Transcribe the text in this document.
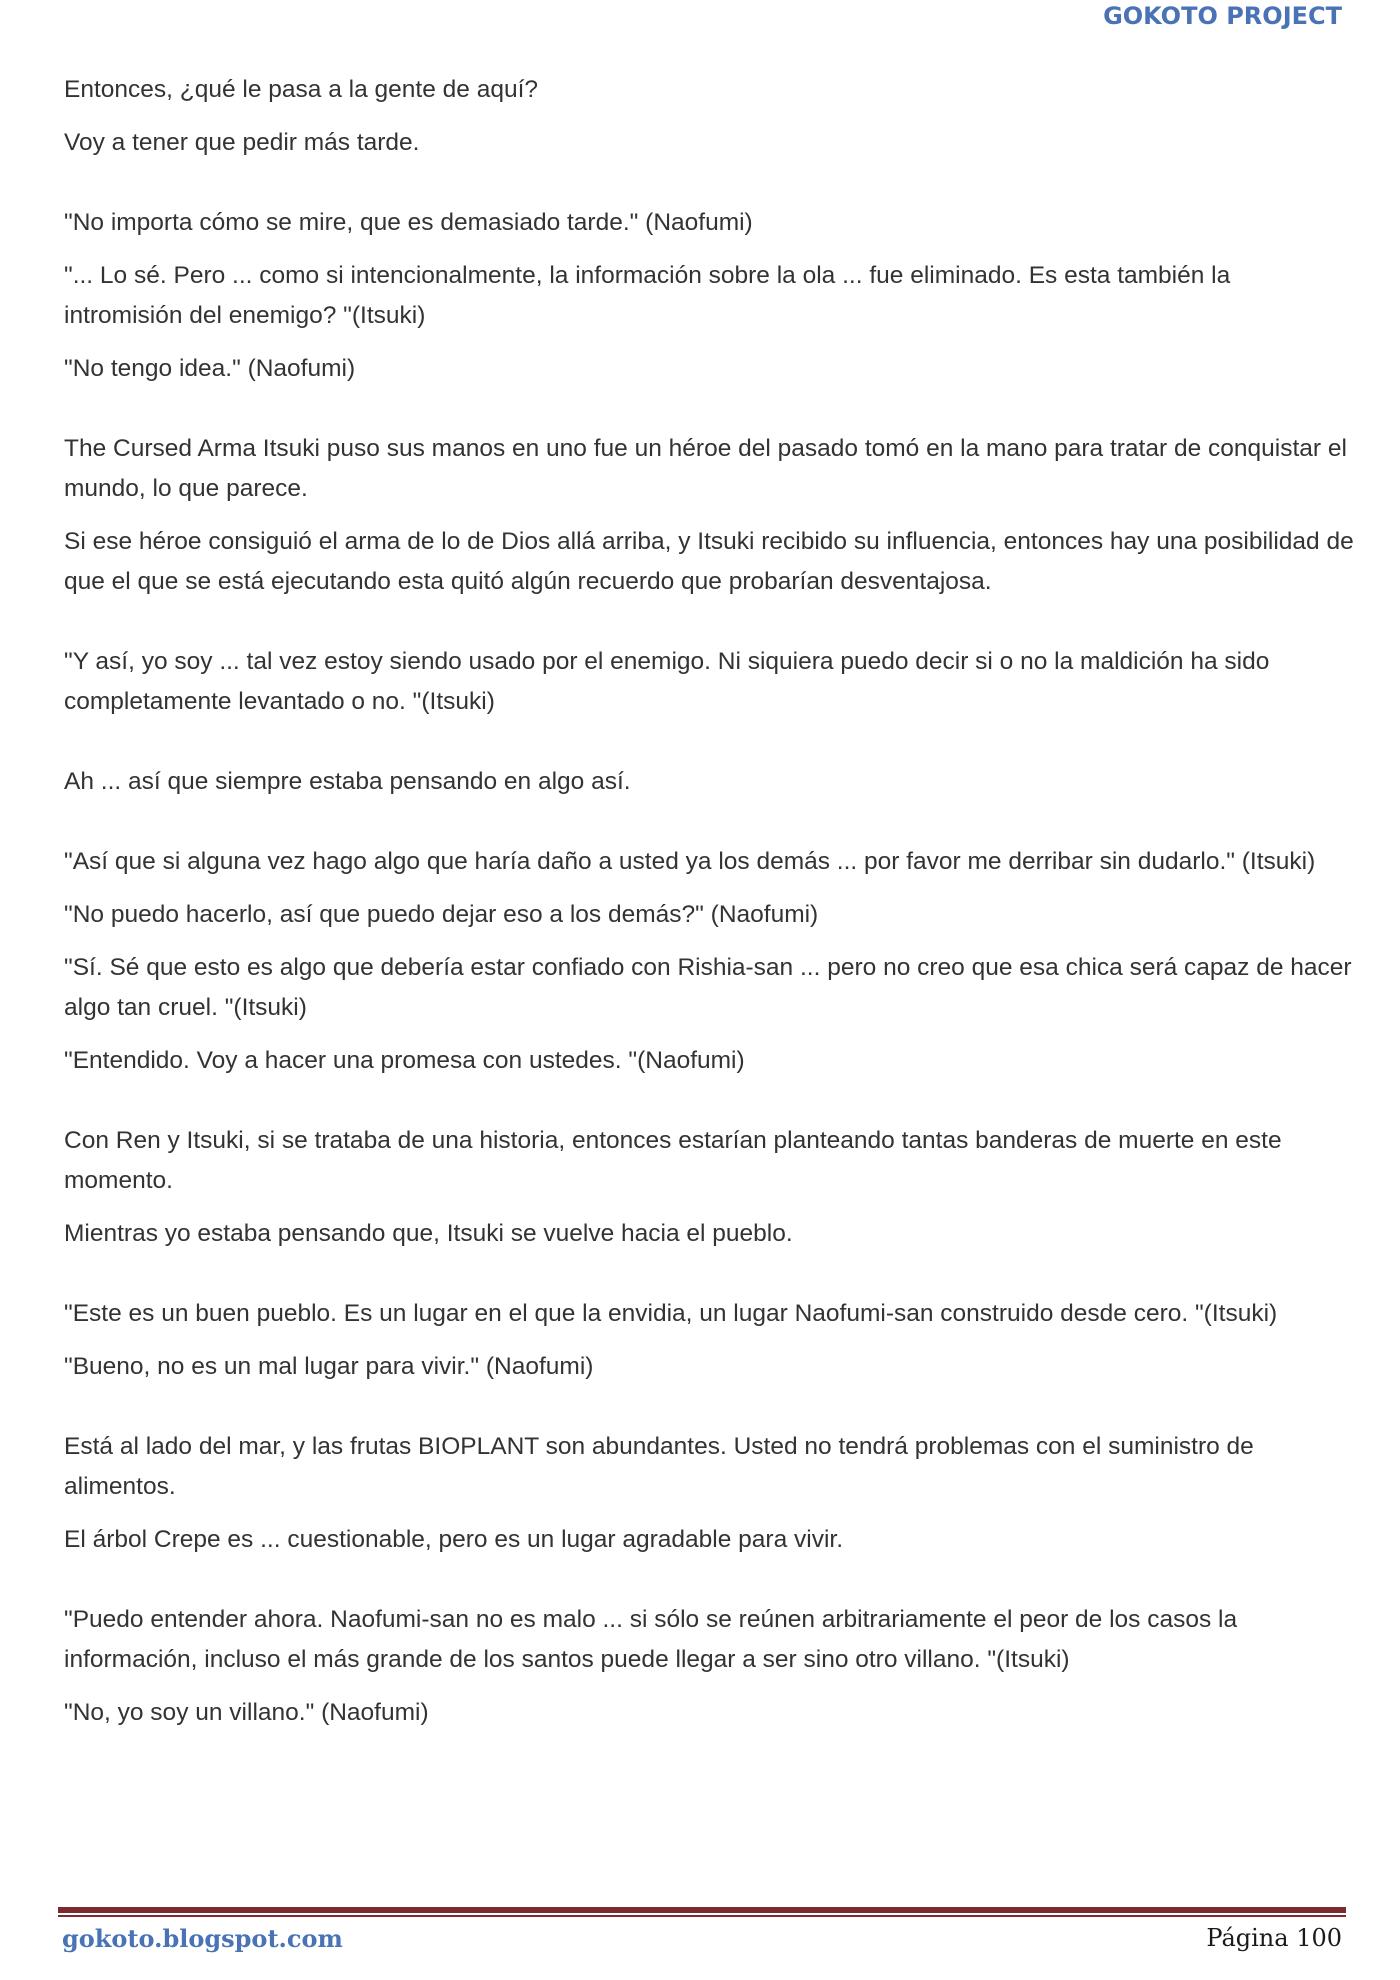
GOKOTO PROJECT

Entonces, ¿qué le pasa a la gente de aquí?

Voy a tener que pedir más tarde.

"No importa cómo se mire, que es demasiado tarde." (Naofumi)

"... Lo sé. Pero ... como si intencionalmente, la información sobre la ola ... fue eliminado. Es esta también la intromisión del enemigo? "(Itsuki)

"No tengo idea." (Naofumi)

The Cursed Arma Itsuki puso sus manos en uno fue un héroe del pasado tomó en la mano para tratar de conquistar el mundo, lo que parece.

Si ese héroe consiguió el arma de lo de Dios allá arriba, y Itsuki recibido su influencia, entonces hay una posibilidad de que el que se está ejecutando esta quitó algún recuerdo que probarían desventajosa.

"Y así, yo soy ... tal vez estoy siendo usado por el enemigo. Ni siquiera puedo decir si o no la maldición ha sido completamente levantado o no. "(Itsuki)

Ah ... así que siempre estaba pensando en algo así.

"Así que si alguna vez hago algo que haría daño a usted ya los demás ... por favor me derribar sin dudarlo." (Itsuki)

"No puedo hacerlo, así que puedo dejar eso a los demás?" (Naofumi)

"Sí. Sé que esto es algo que debería estar confiado con Rishia-san ... pero no creo que esa chica será capaz de hacer algo tan cruel. "(Itsuki)

"Entendido. Voy a hacer una promesa con ustedes. "(Naofumi)

Con Ren y Itsuki, si se trataba de una historia, entonces estarían planteando tantas banderas de muerte en este momento.

Mientras yo estaba pensando que, Itsuki se vuelve hacia el pueblo.

"Este es un buen pueblo. Es un lugar en el que la envidia, un lugar Naofumi-san construido desde cero. "(Itsuki)

"Bueno, no es un mal lugar para vivir." (Naofumi)

Está al lado del mar, y las frutas BIOPLANT son abundantes. Usted no tendrá problemas con el suministro de alimentos.

El árbol Crepe es ... cuestionable, pero es un lugar agradable para vivir.

"Puedo entender ahora. Naofumi-san no es malo ... si sólo se reúnen arbitrariamente el peor de los casos la información, incluso el más grande de los santos puede llegar a ser sino otro villano. "(Itsuki)

"No, yo soy un villano." (Naofumi)

gokoto.blogspot.com	Página 100
